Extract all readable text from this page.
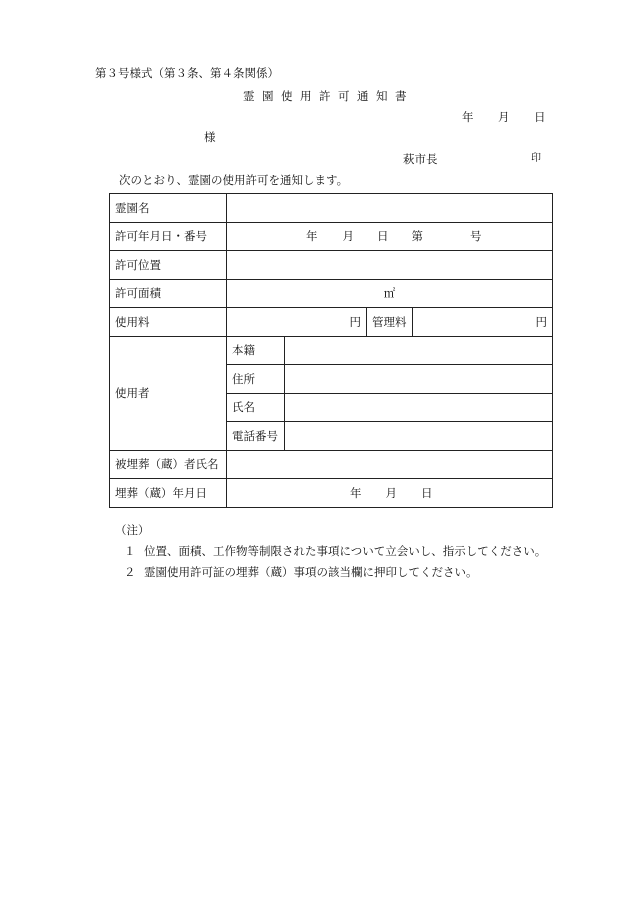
第３号様式（第３条、第４条関係）
霊園使用許可通知書
年 月 日
様
萩市長	印
次のとおり、霊園の使用許可を通知します。
霊園名				
許可年月日・番号	年 月 日 第 号			
許可位置				
許可面積	㎡			
使用料	円		管理料	円
使用者	本籍			
	住所			
	氏名			
	電話番号			
被埋葬（蔵）者氏名				
埋葬（蔵）年月日	年 月 日			
（注）
１ 位置、面積、工作物等制限された事項について立会いし、指示してください。
２ 霊園使用許可証の埋葬（蔵）事項の該当欄に押印してください。
